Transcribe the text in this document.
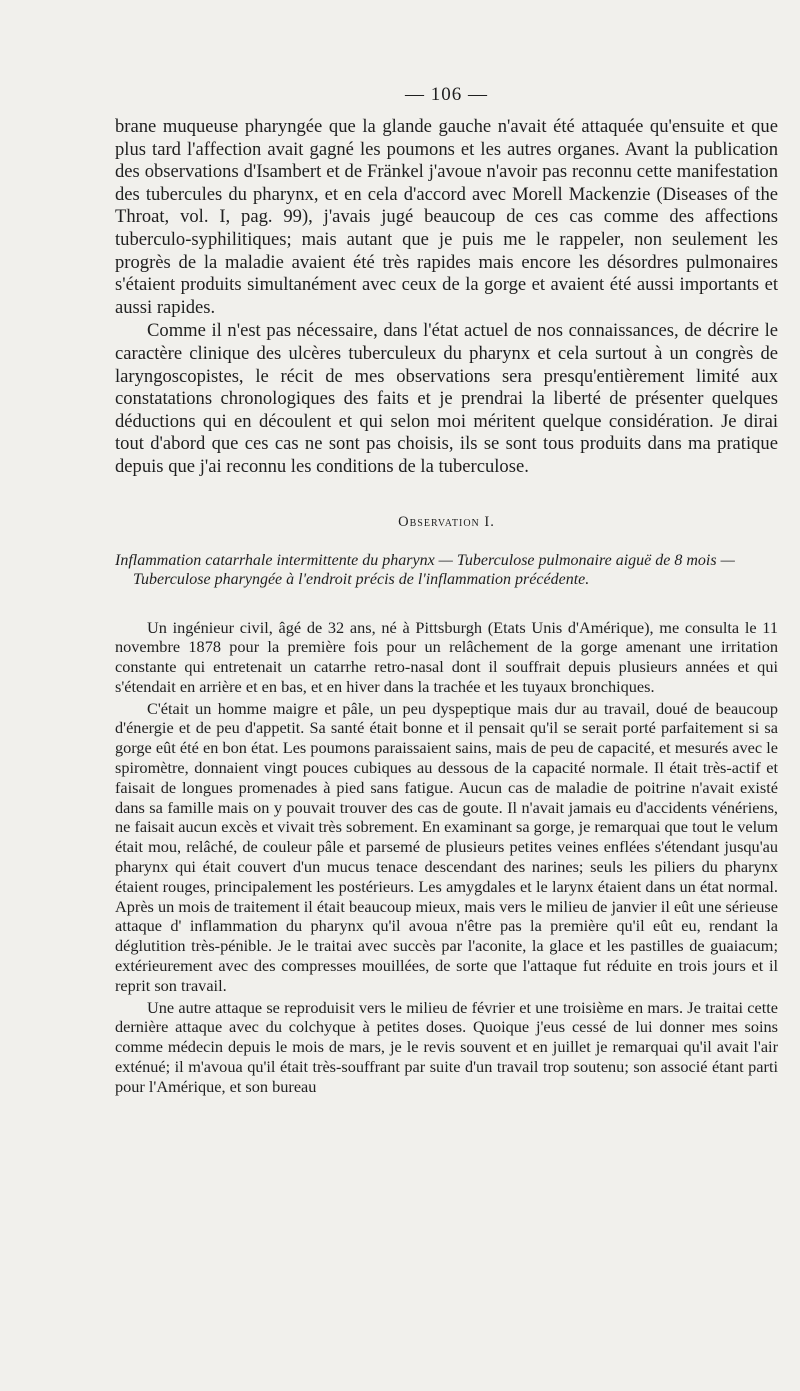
— 106 —

brane muqueuse pharyngée que la glande gauche n'avait été attaquée qu'ensuite et que plus tard l'affection avait gagné les poumons et les autres organes. Avant la publication des observations d'Isambert et de Fränkel j'avoue n'avoir pas reconnu cette manifestation des tubercules du pharynx, et en cela d'accord avec Morell Mackenzie (Diseases of the Throat, vol. I, pag. 99), j'avais jugé beaucoup de ces cas comme des affections tuberculo-syphilitiques; mais autant que je puis me le rappeler, non seulement les progrès de la maladie avaient été très rapides mais encore les désordres pulmonaires s'étaient produits simultanément avec ceux de la gorge et avaient été aussi importants et aussi rapides.

Comme il n'est pas nécessaire, dans l'état actuel de nos connaissances, de décrire le caractère clinique des ulcères tuberculeux du pharynx et cela surtout à un congrès de laryngoscopistes, le récit de mes observations sera presqu'entièrement limité aux constatations chronologiques des faits et je prendrai la liberté de présenter quelques déductions qui en découlent et qui selon moi méritent quelque considération. Je dirai tout d'abord que ces cas ne sont pas choisis, ils se sont tous produits dans ma pratique depuis que j'ai reconnu les conditions de la tuberculose.

Observation I.

Inflammation catarrhale intermittente du pharynx — Tuberculose pulmonaire aiguë de 8 mois — Tuberculose pharyngée à l'endroit précis de l'inflammation précédente.

Un ingénieur civil, âgé de 32 ans, né à Pittsburgh (Etats Unis d'Amérique), me consulta le 11 novembre 1878 pour la première fois pour un relâchement de la gorge amenant une irritation constante qui entretenait un catarrhe retro-nasal dont il souffrait depuis plusieurs années et qui s'étendait en arrière et en bas, et en hiver dans la trachée et les tuyaux bronchiques.

C'était un homme maigre et pâle, un peu dyspeptique mais dur au travail, doué de beaucoup d'énergie et de peu d'appetit. Sa santé était bonne et il pensait qu'il se serait porté parfaitement si sa gorge eût été en bon état. Les poumons paraissaient sains, mais de peu de capacité, et mesurés avec le spiromètre, donnaient vingt pouces cubiques au dessous de la capacité normale. Il était très-actif et faisait de longues promenades à pied sans fatigue. Aucun cas de maladie de poitrine n'avait existé dans sa famille mais on y pouvait trouver des cas de goute. Il n'avait jamais eu d'accidents vénériens, ne faisait aucun excès et vivait très sobrement. En examinant sa gorge, je remarquai que tout le velum était mou, relâché, de couleur pâle et parsemé de plusieurs petites veines enflées s'étendant jusqu'au pharynx qui était couvert d'un mucus tenace descendant des narines; seuls les piliers du pharynx étaient rouges, principalement les postérieurs. Les amygdales et le larynx étaient dans un état normal. Après un mois de traitement il était beaucoup mieux, mais vers le milieu de janvier il eût une sérieuse attaque d' inflammation du pharynx qu'il avoua n'être pas la première qu'il eût eu, rendant la déglutition très-pénible. Je le traitai avec succès par l'aconite, la glace et les pastilles de guaiacum; extérieurement avec des compresses mouillées, de sorte que l'attaque fut réduite en trois jours et il reprit son travail.

Une autre attaque se reproduisit vers le milieu de février et une troisième en mars. Je traitai cette dernière attaque avec du colchyque à petites doses. Quoique j'eus cessé de lui donner mes soins comme médecin depuis le mois de mars, je le revis souvent et en juillet je remarquai qu'il avait l'air exténué; il m'avoua qu'il était très-souffrant par suite d'un travail trop soutenu; son associé étant parti pour l'Amérique, et son bureau
